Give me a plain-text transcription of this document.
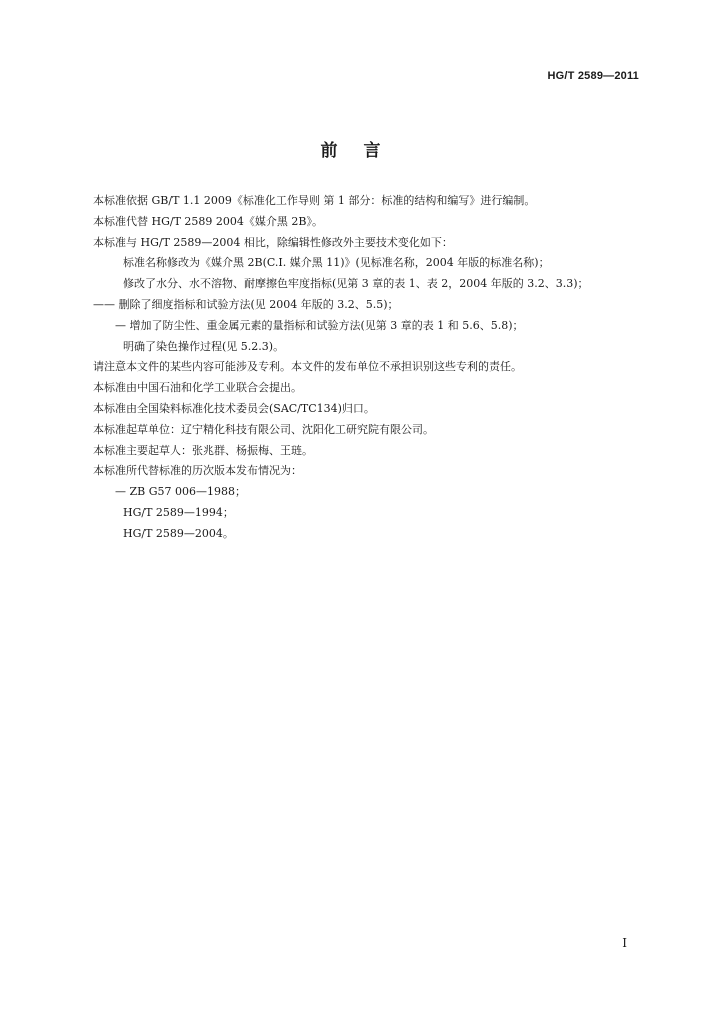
HG/T 2589—2011
前言
本标准依据 GB/T 1.1 2009《标准化工作导则 第 1 部分：标准的结构和编写》进行编制。
本标准代替 HG/T 2589 2004《媒介黑 2B》。
本标准与 HG/T 2589—2004 相比，除编辑性修改外主要技术变化如下：
标准名称修改为《媒介黑 2B(C.I. 媒介黑 11)》(见标准名称，2004 年版的标准名称)；
修改了水分、水不溶物、耐摩擦色牢度指标(见第 3 章的表 1、表 2，2004 年版的 3.2、3.3)；
—— 删除了细度指标和试验方法(见 2004 年版的 3.2、5.5)；
— 增加了防尘性、重金属元素的量指标和试验方法(见第 3 章的表 1 和 5.6、5.8)；
明确了染色操作过程(见 5.2.3)。
请注意本文件的某些内容可能涉及专利。本文件的发布单位不承担识别这些专利的责任。
本标准由中国石油和化学工业联合会提出。
本标准由全国染料标准化技术委员会(SAC/TC134)归口。
本标准起草单位：辽宁精化科技有限公司、沈阳化工研究院有限公司。
本标准主要起草人：张兆群、杨振梅、王琏。
本标准所代替标准的历次版本发布情况为：
— ZB G57 006—1988；
HG/T 2589—1994；
HG/T 2589—2004。
I
